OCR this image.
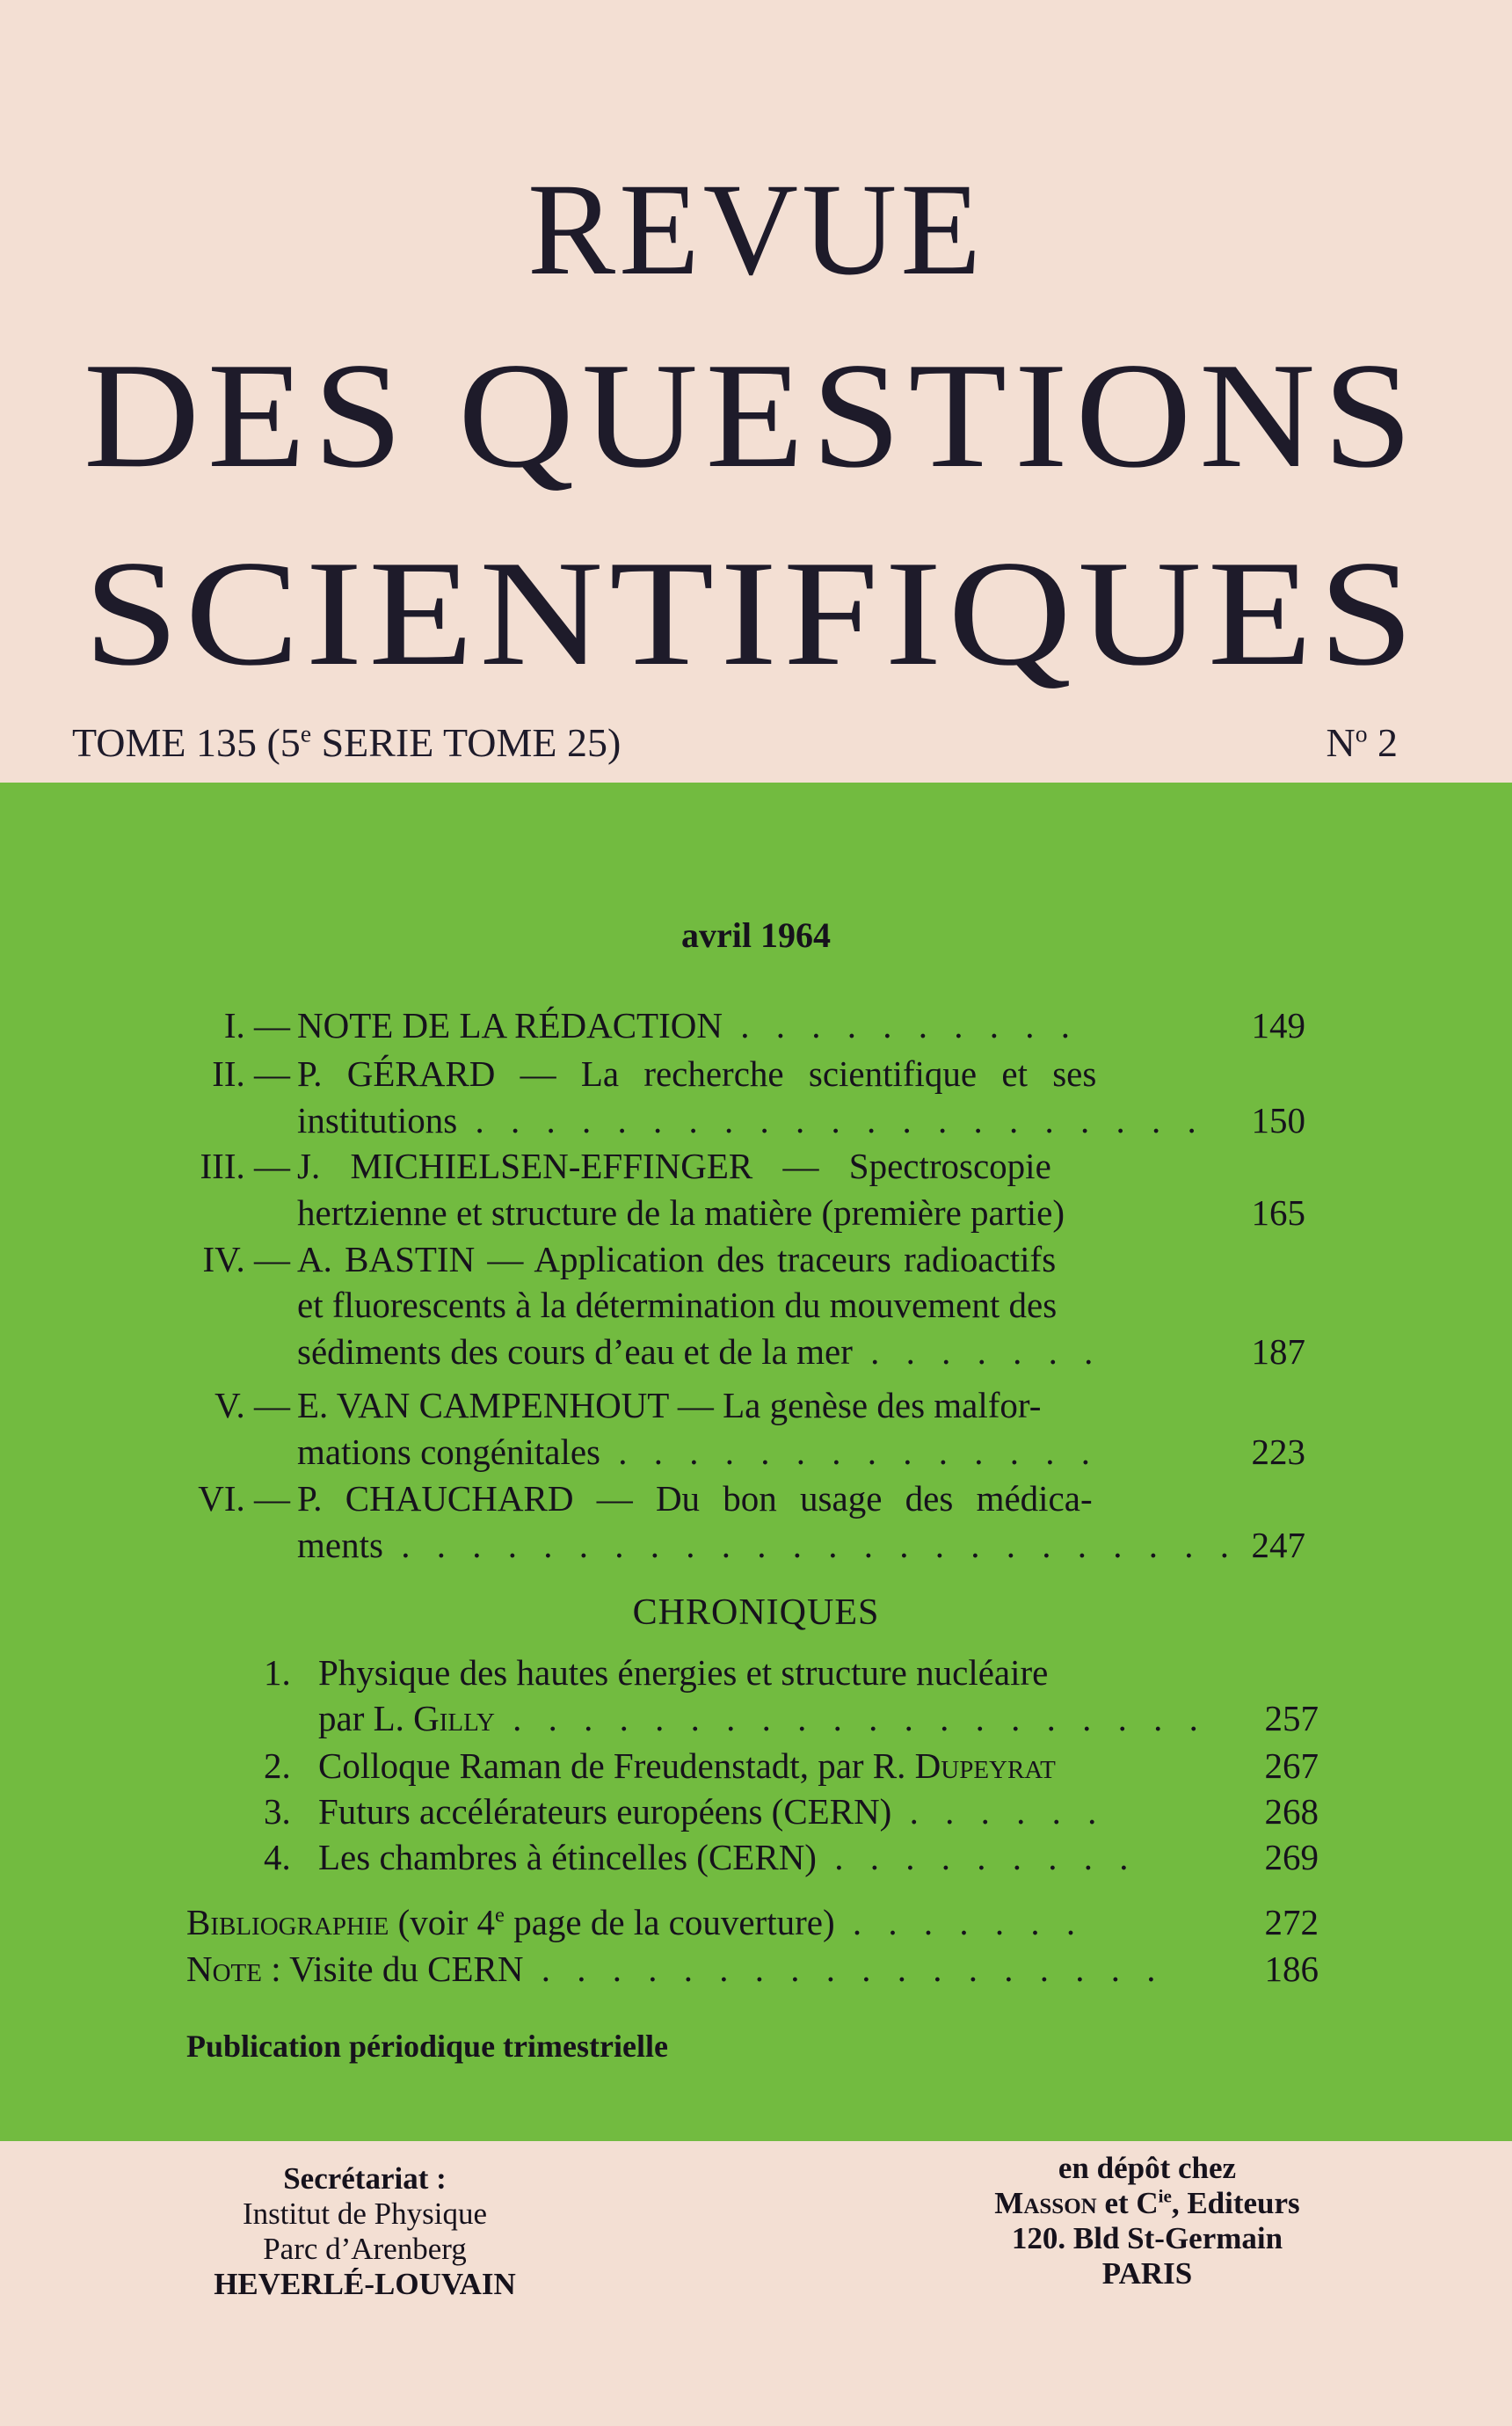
REVUE
DES QUESTIONS
SCIENTIFIQUES
TOME 135 (5e SERIE TOME 25)	$N^o$ 2
avril 1964
I. — NOTE DE LA RÉDACTION . . . . . . . . . .	149
II. — P. GÉRARD — La recherche scientifique et ses
institutions . . . . . . . . . . . . . . . . . . . . . 150
III. — J. MICHIELSEN-EFFINGER — Spectroscopie
hertzienne et structure de la matière (première partie)	165
IV. — A. BASTIN — Application des traceurs radioactifs
et fluorescents à la détermination du mouvement des
sédiments des cours d’eau et de la mer . . . . . . .	187
V. — E. VAN CAMPENHOUT — La genèse des malfor-
mations congénitales . . . . . . . . . . . . . .	223
VI. — P. CHAUCHARD — Du bon usage des médica-
ments . . . . . . . . . . . . . . . . . . . . . . . . 247
CHRONIQUES
1. Physique des hautes énergies et structure nucléaire
par L. Gilly . . . . . . . . . . . . . . . . . . . . 257
2. Colloque Raman de Freudenstadt, par R. Dupeyrat	267
3. Futurs accélérateurs européens (CERN) . . . . . .	268
4. Les chambres à étincelles (CERN) . . . . . . . . .	269
Bibliographie (voir 4e page de la couverture) . . . . . . .	272
Note : Visite du CERN . . . . . . . . . . . . . . . . . .	186
Publication périodique trimestrielle
Secrétariat :
Institut de Physique
Parc d’Arenberg
HEVERLÉ-LOUVAIN
en dépôt chez
Masson et $C^{ie}$, Editeurs
120. Bld St-Germain
PARIS
